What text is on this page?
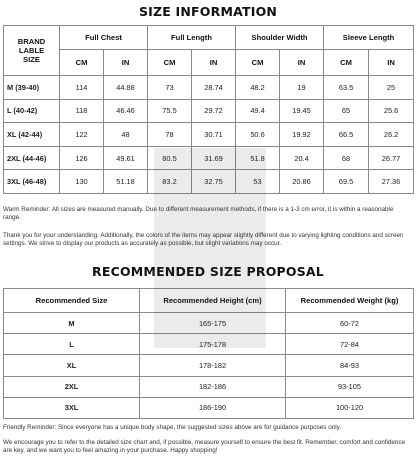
SIZE INFORMATION
BRAND
LABLE
SIZE	Full Chest		Full Length		Shoulder Width		Sleeve Length	
	CM	IN	CM	IN	CM	IN	CM	IN
M (39-40)	114	44.88	73	28.74	48.2	19	63.5	25
L (40-42)	118	46.46	75.5	29.72	49.4	19.45	65	25.6
XL (42-44)	122	48	78	30.71	50.6	19.92	66.5	26.2
2XL (44-46)	126	49.61	80.5	31.69	51.8	20.4	68	26.77
3XL (46-48)	130	51.18	83.2	32.75	53	20.86	69.5	27.36

Warm Reminder: All sizes are measured manually. Due to different measurement methods, if there is a 1-3 cm error, it is within a reasonable range.

Thank you for your understanding. Additionally, the colors of the items may appear slightly different due to varying lighting conditions and screen settings. We strive to display our products as accurately as possible, but slight variations may occur.

RECOMMENDED SIZE PROPOSAL
Recommended Size	Recommended Height (cm)	Recommended Weight (kg)
M	165-175	60-72
L	175-178	72-84
XL	178-182	84-93
2XL	182-186	93-105
3XL	186-190	100-120

Friendly Reminder: Since everyone has a unique body shape, the suggested sizes above are for guidance purposes only.

We encourage you to refer to the detailed size chart and, if possible, measure yourself to ensure the best fit. Remember, comfort and confidence are key, and we want you to feel amazing in your purchase. Happy shopping!
